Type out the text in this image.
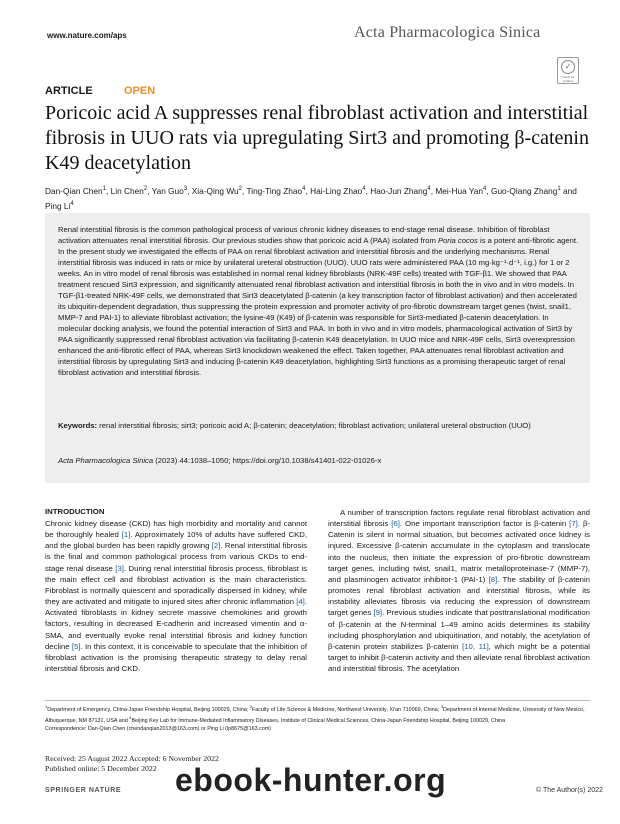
www.nature.com/aps	Acta Pharmacologica Sinica
✓
Check for updates
ARTICLE	OPEN
Poricoic acid A suppresses renal fibroblast activation and interstitial fibrosis in UUO rats via upregulating Sirt3 and promoting β-catenin K49 deacetylation
Dan-Qian Chen$^1$, Lin Chen$^2$, Yan Guo$^3$, Xia-Qing Wu$^2$, Ting-Ting Zhao$^4$, Hai-Ling Zhao$^4$, Hao-Jun Zhang$^4$, Mei-Hua Yan$^4$, Guo-Qiang Zhang$^1$ and Ping Li$^4$
Renal interstitial fibrosis is the common pathological process of various chronic kidney diseases to end-stage renal disease. Inhibition of fibroblast activation attenuates renal interstitial fibrosis. Our previous studies show that poricoic acid A (PAA) isolated from Poria cocos is a potent anti-fibrotic agent. In the present study we investigated the effects of PAA on renal fibroblast activation and interstitial fibrosis and the underlying mechanisms. Renal interstitial fibrosis was induced in rats or mice by unilateral ureteral obstruction (UUO). UUO rats were administered PAA (10 mg·kg⁻¹·d⁻¹, i.g.) for 1 or 2 weeks. An in vitro model of renal fibrosis was established in normal renal kidney fibroblasts (NRK-49F cells) treated with TGF-β1. We showed that PAA treatment rescued Sirt3 expression, and significantly attenuated renal fibroblast activation and interstitial fibrosis in both the in vivo and in vitro models. In TGF-β1-treated NRK-49F cells, we demonstrated that Sirt3 deacetylated β-catenin (a key transcription factor of fibroblast activation) and then accelerated its ubiquitin-dependent degradation, thus suppressing the protein expression and promoter activity of pro-fibrotic downstream target genes (twist, snail1, MMP-7 and PAI-1) to alleviate fibroblast activation; the lysine-49 (K49) of β-catenin was responsible for Sirt3-mediated β-catenin deacetylation. In molecular docking analysis, we found the potential interaction of Sirt3 and PAA. In both in vivo and in vitro models, pharmacological activation of Sirt3 by PAA significantly suppressed renal fibroblast activation via facilitating β-catenin K49 deacetylation. In UUO mice and NRK-49F cells, Sirt3 overexpression enhanced the anti-fibrotic effect of PAA, whereas Sirt3 knockdown weakened the effect. Taken together, PAA attenuates renal fibroblast activation and interstitial fibrosis by upregulating Sirt3 and inducing β-catenin K49 deacetylation, highlighting Sirt3 functions as a promising therapeutic target of renal fibroblast activation and interstitial fibrosis.
Keywords: renal interstitial fibrosis; sirt3; poricoic acid A; β-catenin; deacetylation; fibroblast activation; unilateral ureteral obstruction (UUO)
Acta Pharmacologica Sinica (2023) 44:1038–1050; https://doi.org/10.1038/s41401-022-01026-x
INTRODUCTION
Chronic kidney disease (CKD) has high morbidity and mortality and cannot be thoroughly healed [1]. Approximately 10% of adults have suffered CKD, and the global burden has been rapidly growing [2]. Renal interstitial fibrosis is the final and common pathological process from various CKDs to end-stage renal disease [3]. During renal interstitial fibrosis process, fibroblast is the main effect cell and fibroblast activation is the main characteristics. Fibroblast is normally quiescent and sporadically dispersed in kidney, while they are activated and mitigate to injured sites after chronic inflammation [4]. Activated fibroblasts in kidney secrete massive chemokines and growth factors, resulting in decreased E-cadherin and increased vimentin and α-SMA, and eventually evoke renal interstitial fibrosis and kidney function decline [5]. In this context, it is conceivable to speculate that the inhibition of fibroblast activation is the promising therapeutic strategy to delay renal interstitial fibrosis and CKD.
A number of transcription factors regulate renal fibroblast activation and interstitial fibrosis [6]. One important transcription factor is β-catenin [7]. β-Catenin is silent in normal situation, but becomes activated once kidney is injured. Excessive β-catenin accumulate in the cytoplasm and translocate into the nucleus, then initiate the expression of pro-fibrotic downstream target genes, including twist, snail1, matrix metalloproteinase-7 (MMP-7), and plasminogen activator inhibitor-1 (PAI-1) [8]. The stability of β-catenin promotes renal fibroblast activation and interstitial fibrosis, while its instability alleviates fibrosis via reducing the expression of downstream target genes [9]. Previous studies indicate that posttranslational modification of β-catenin at the N-terminal 1–49 amino acids determines its stability including phosphorylation and ubiquitination, and notably, the acetylation of β-catenin protein stabilizes β-catenin [10, 11], which might be a potential target to inhibit β-catenin activity and then alleviate renal fibroblast activation and interstitial fibrosis. The acetylation
$^1$Department of Emergency, China-Japan Friendship Hospital, Beijing 100029, China; $^2$Faculty of Life Science & Medicine, Northwest University, Xi'an 710069, China; $^3$Department of Internal Medicine, University of New Mexico, Albuquerque, NM 87131, USA and $^4$Beijing Key Lab for Immune-Mediated Inflammatory Diseases, Institute of Clinical Medical Sciences, China-Japan Friendship Hospital, Beijing 100029, China
Correspondence: Dan-Qian Chen (chendanqian2013@163.com) or Ping Li (lp8675@163.com)
Received: 25 August 2022 Accepted: 6 November 2022
Published online: 5 December 2022
SPRINGER NATURE	© The Author(s) 2022
ebook-hunter.org
